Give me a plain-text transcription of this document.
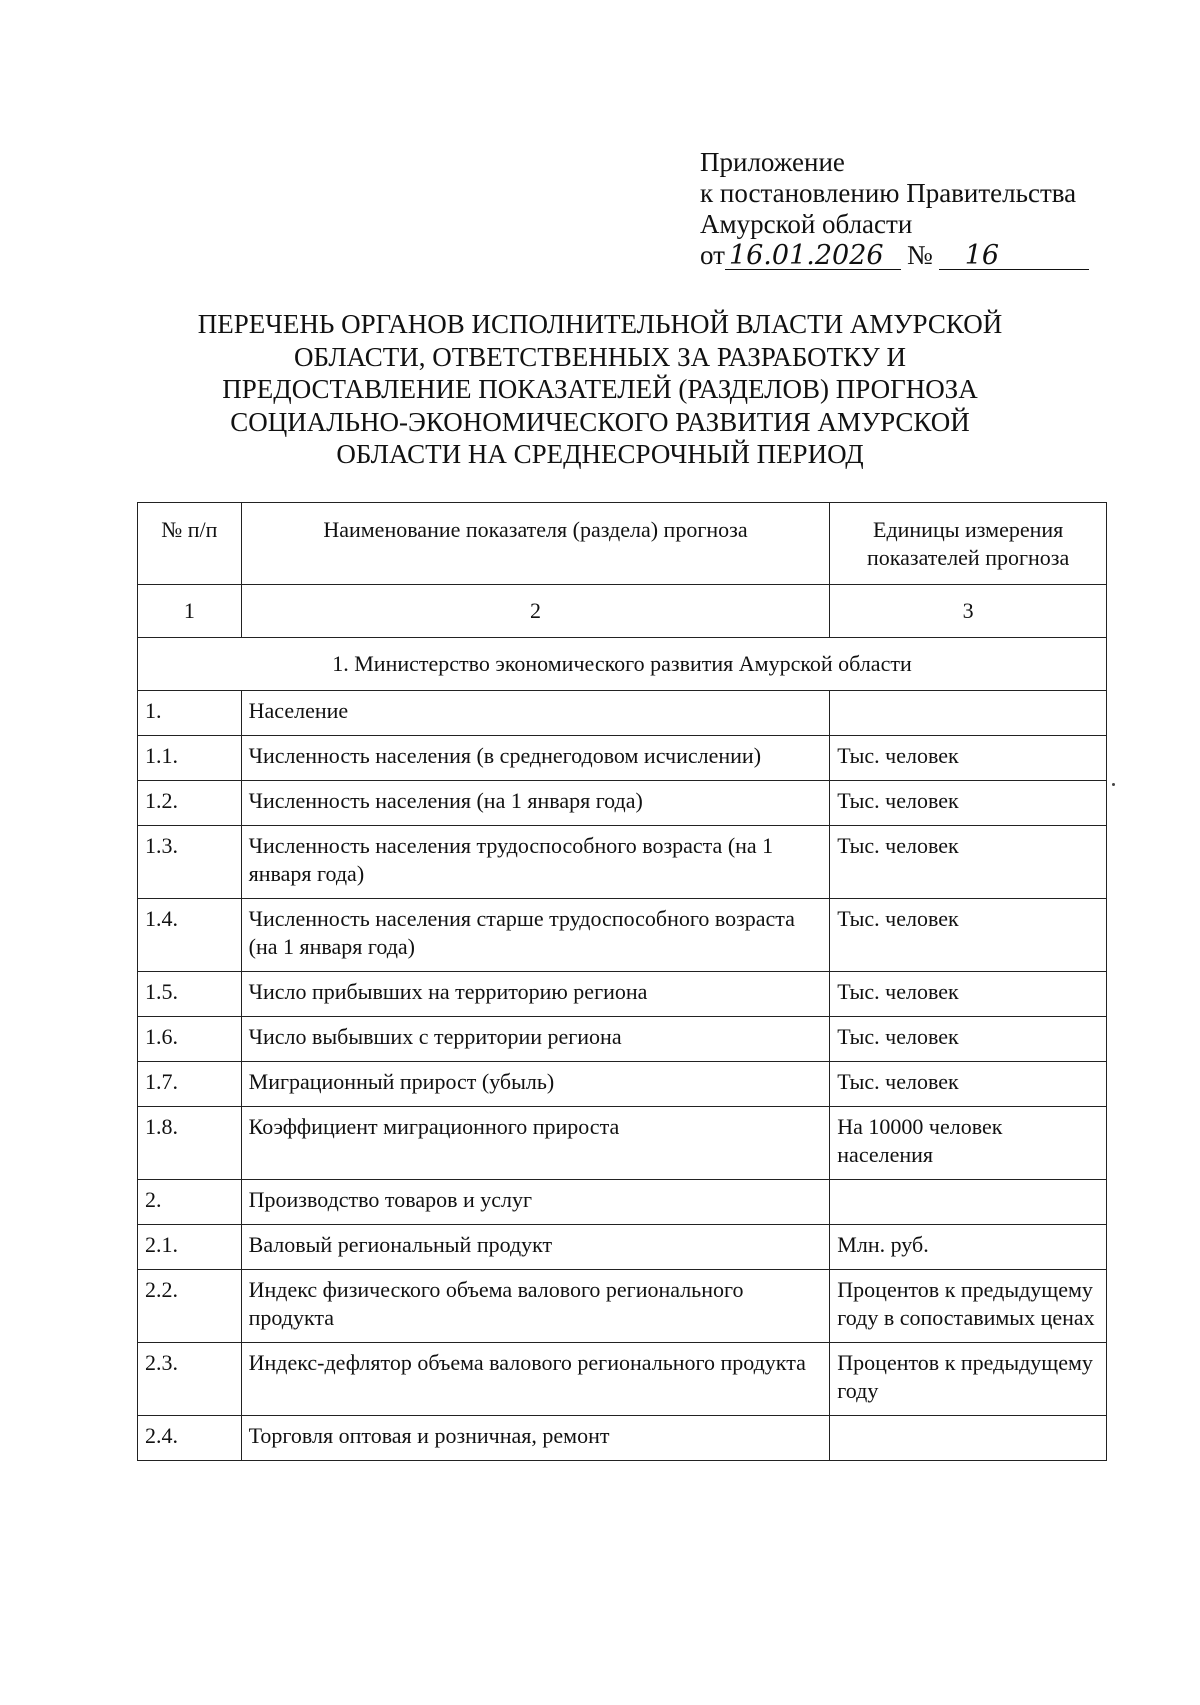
Приложение
к постановлению Правительства
Амурской области
от 16.01.2026 № 16
ПЕРЕЧЕНЬ ОРГАНОВ ИСПОЛНИТЕЛЬНОЙ ВЛАСТИ АМУРСКОЙ
ОБЛАСТИ, ОТВЕТСТВЕННЫХ ЗА РАЗРАБОТКУ И
ПРЕДОСТАВЛЕНИЕ ПОКАЗАТЕЛЕЙ (РАЗДЕЛОВ) ПРОГНОЗА
СОЦИАЛЬНО-ЭКОНОМИЧЕСКОГО РАЗВИТИЯ АМУРСКОЙ
ОБЛАСТИ НА СРЕДНЕСРОЧНЫЙ ПЕРИОД
№ п/п	Наименование показателя (раздела) прогноза	Единицы измерения показателей прогноза
1	2	3
1. Министерство экономического развития Амурской области		
1.	Население	
1.1.	Численность населения (в среднегодовом исчислении)	Тыс. человек
1.2.	Численность населения (на 1 января года)	Тыс. человек
1.3.	Численность населения трудоспособного возраста (на 1 января года)	Тыс. человек
1.4.	Численность населения старше трудоспособного возраста (на 1 января года)	Тыс. человек
1.5.	Число прибывших на территорию региона	Тыс. человек
1.6.	Число выбывших с территории региона	Тыс. человек
1.7.	Миграционный прирост (убыль)	Тыс. человек
1.8.	Коэффициент миграционного прироста	На 10000 человек населения
2.	Производство товаров и услуг	
2.1.	Валовый региональный продукт	Млн. руб.
2.2.	Индекс физического объема валового регионального продукта	Процентов к предыдущему году в сопоставимых ценах
2.3.	Индекс-дефлятор объема валового регионального продукта	Процентов к предыдущему году
2.4.	Торговля оптовая и розничная, ремонт	
